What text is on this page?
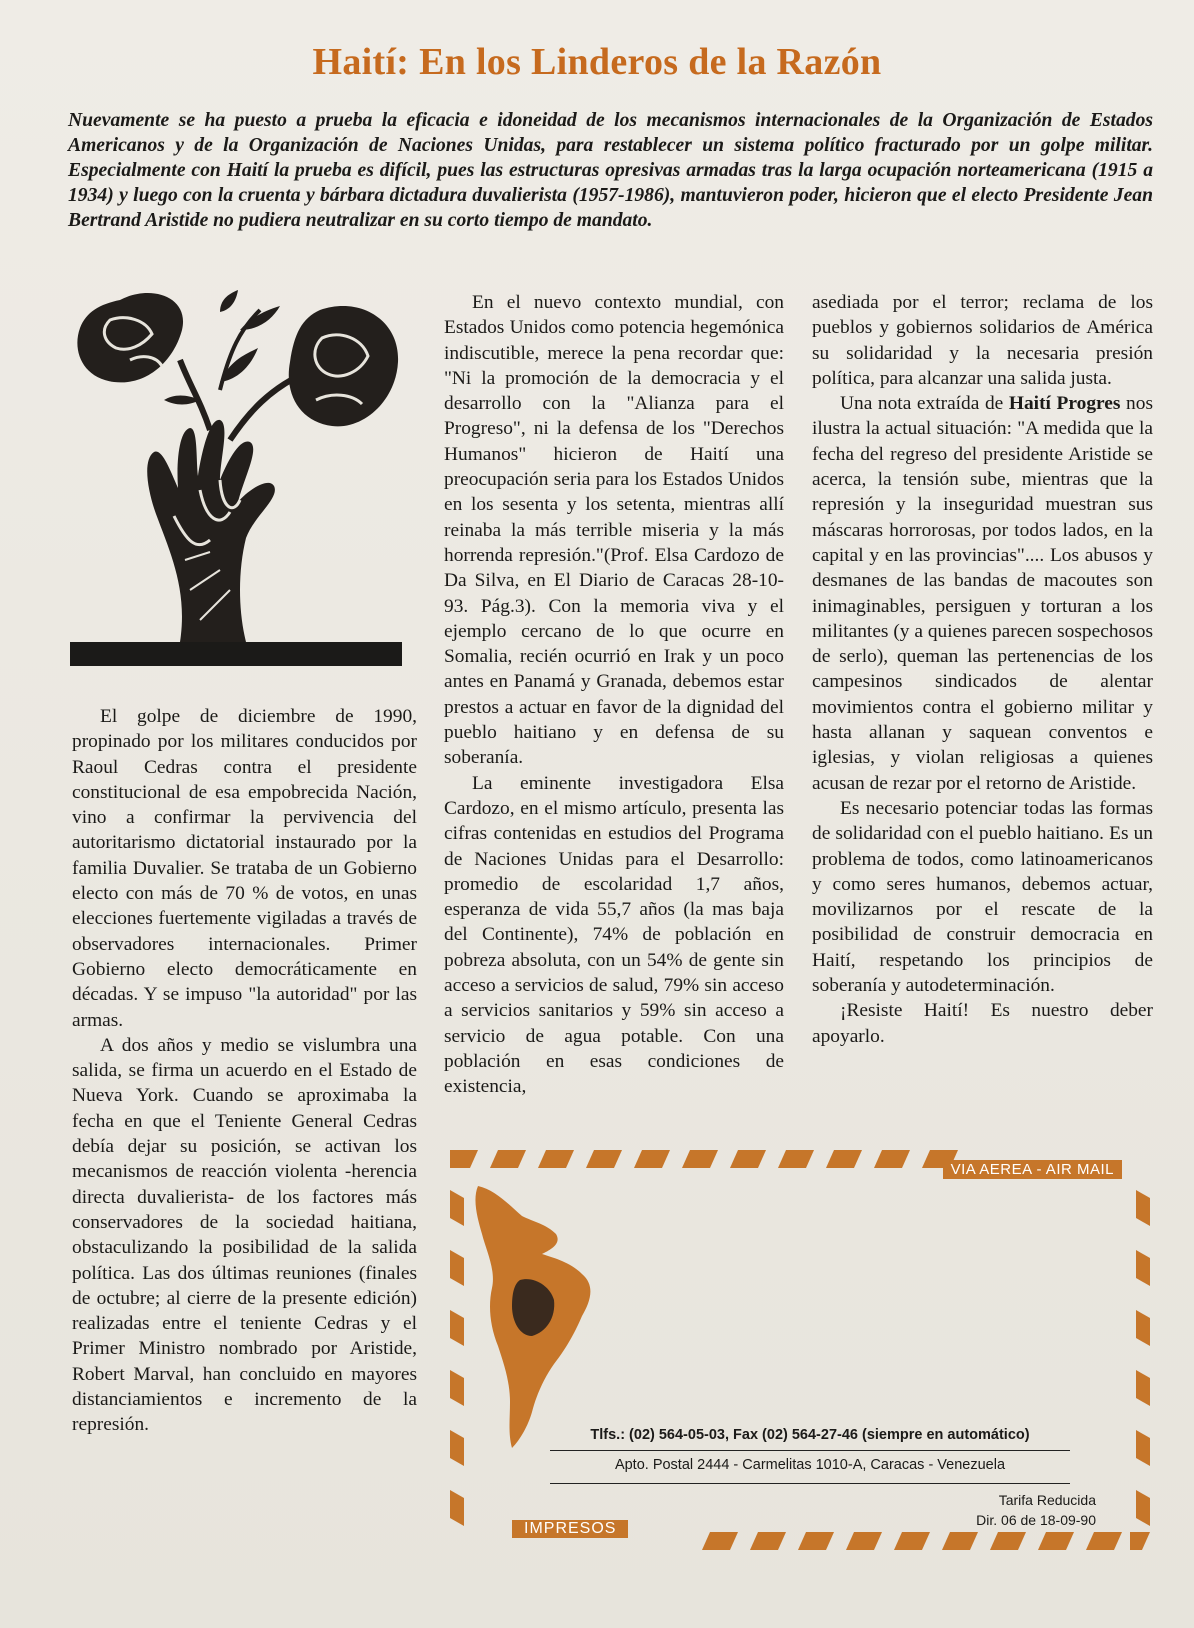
Haití: En los Linderos de la Razón
Nuevamente se ha puesto a prueba la eficacia e idoneidad de los mecanismos internacionales de la Organización de Estados Americanos y de la Organización de Naciones Unidas, para restablecer un sistema político fracturado por un golpe militar. Especialmente con Haití la prueba es difícil, pues las estructuras opresivas armadas tras la larga ocupación norteamericana (1915 a 1934) y luego con la cruenta y bárbara dictadura duvalierista (1957-1986), mantuvieron poder, hicieron que el electo Presidente Jean Bertrand Aristide no pudiera neutralizar en su corto tiempo de mandato.

El golpe de diciembre de 1990, propinado por los militares conducidos por Raoul Cedras contra el presidente constitucional de esa empobrecida Nación, vino a confirmar la pervivencia del autoritarismo dictatorial instaurado por la familia Duvalier. Se trataba de un Gobierno electo con más de 70 % de votos, en unas elecciones fuertemente vigiladas a través de observadores internacionales. Primer Gobierno electo democráticamente en décadas. Y se impuso "la autoridad" por las armas.

A dos años y medio se vislumbra una salida, se firma un acuerdo en el Estado de Nueva York. Cuando se aproximaba la fecha en que el Teniente General Cedras debía dejar su posición, se activan los mecanismos de reacción violenta -herencia directa duvalierista- de los factores más conservadores de la sociedad haitiana, obstaculizando la posibilidad de la salida política. Las dos últimas reuniones (finales de octubre; al cierre de la presente edición) realizadas entre el teniente Cedras y el Primer Ministro nombrado por Aristide, Robert Marval, han concluido en mayores distanciamientos e incremento de la represión.

En el nuevo contexto mundial, con Estados Unidos como potencia hegemónica indiscutible, merece la pena recordar que: "Ni la promoción de la democracia y el desarrollo con la "Alianza para el Progreso", ni la defensa de los "Derechos Humanos" hicieron de Haití una preocupación seria para los Estados Unidos en los sesenta y los setenta, mientras allí reinaba la más terrible miseria y la más horrenda represión."(Prof. Elsa Cardozo de Da Silva, en El Diario de Caracas 28-10-93. Pág.3). Con la memoria viva y el ejemplo cercano de lo que ocurre en Somalia, recién ocurrió en Irak y un poco antes en Panamá y Granada, debemos estar prestos a actuar en favor de la dignidad del pueblo haitiano y en defensa de su soberanía.

La eminente investigadora Elsa Cardozo, en el mismo artículo, presenta las cifras contenidas en estudios del Programa de Naciones Unidas para el Desarrollo: promedio de escolaridad 1,7 años, esperanza de vida 55,7 años (la mas baja del Continente), 74% de población en pobreza absoluta, con un 54% de gente sin acceso a servicios de salud, 79% sin acceso a servicios sanitarios y 59% sin acceso a servicio de agua potable. Con una población en esas condiciones de existencia,

asediada por el terror; reclama de los pueblos y gobiernos solidarios de América su solidaridad y la necesaria presión política, para alcanzar una salida justa.

Una nota extraída de Haití Progres nos ilustra la actual situación: "A medida que la fecha del regreso del presidente Aristide se acerca, la tensión sube, mientras que la represión y la inseguridad muestran sus máscaras horrorosas, por todos lados, en la capital y en las provincias".... Los abusos y desmanes de las bandas de macoutes son inimaginables, persiguen y torturan a los militantes (y a quienes parecen sospechosos de serlo), queman las pertenencias de los campesinos sindicados de alentar movimientos contra el gobierno militar y hasta allanan y saquean conventos e iglesias, y violan religiosas a quienes acusan de rezar por el retorno de Aristide.

Es necesario potenciar todas las formas de solidaridad con el pueblo haitiano. Es un problema de todos, como latinoamericanos y como seres humanos, debemos actuar, movilizarnos por el rescate de la posibilidad de construir democracia en Haití, respetando los principios de soberanía y autodeterminación.

¡Resiste Haití! Es nuestro deber apoyarlo.

VIA AEREA - AIR MAIL
Tlfs.: (02) 564-05-03, Fax (02) 564-27-46 (siempre en automático)
Apto. Postal 2444 - Carmelitas 1010-A, Caracas - Venezuela
Tarifa Reducida
Dir. 06 de 18-09-90
IMPRESOS
